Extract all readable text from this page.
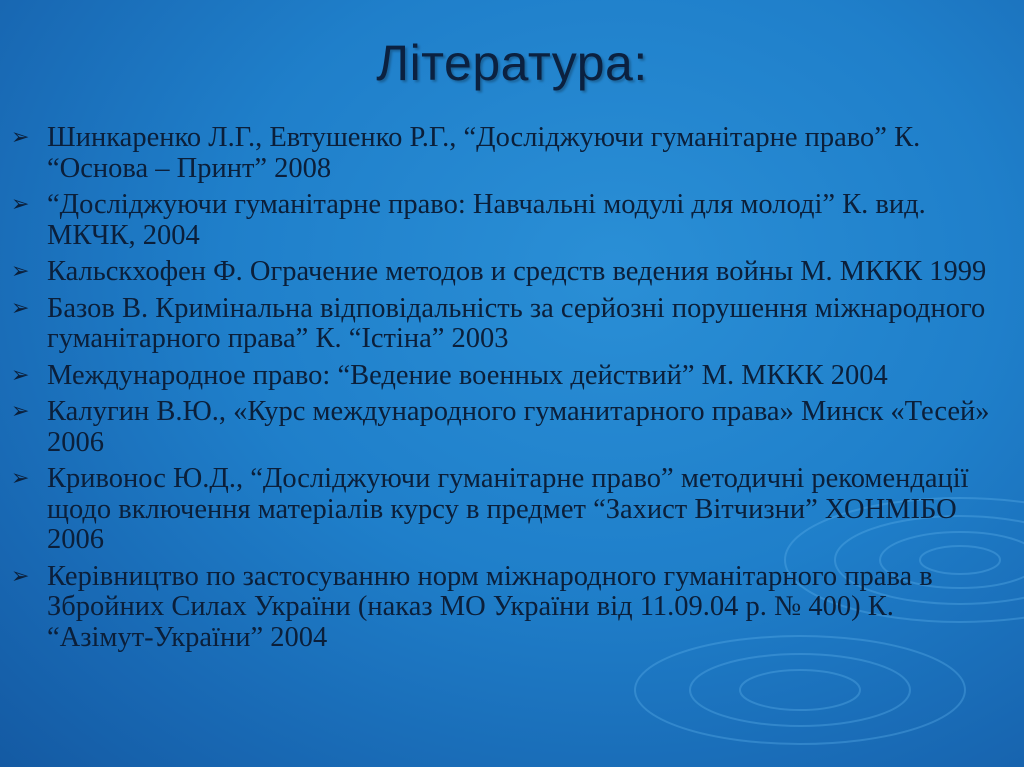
Література:
➢ Шинкаренко Л.Г., Евтушенко Р.Г., “Досліджуючи гуманітарне право” К. “Основа – Принт” 2008
➢ “Досліджуючи гуманітарне право: Навчальні модулі для молоді” К. вид. МКЧК, 2004
➢ Кальскхофен Ф. Ограчение методов и средств ведения войны М. МККК 1999
➢ Базов В. Кримінальна відповідальність за серйозні порушення міжнародного гуманітарного права” К. “Істіна” 2003
➢ Международное право: “Ведение военных действий” М. МККК 2004
➢ Калугин В.Ю., «Курс международного гуманитарного права» Минск «Тесей» 2006
➢ Кривонос Ю.Д., “Досліджуючи гуманітарне право” методичні рекомендації щодо включення матеріалів курсу в предмет “Захист Вітчизни” ХОНМІБО 2006
➢ Керівництво по застосуванню норм міжнародного гуманітарного права в Збройних Силах України (наказ МО України від 11.09.04 р. № 400) К. “Азімут-України” 2004
